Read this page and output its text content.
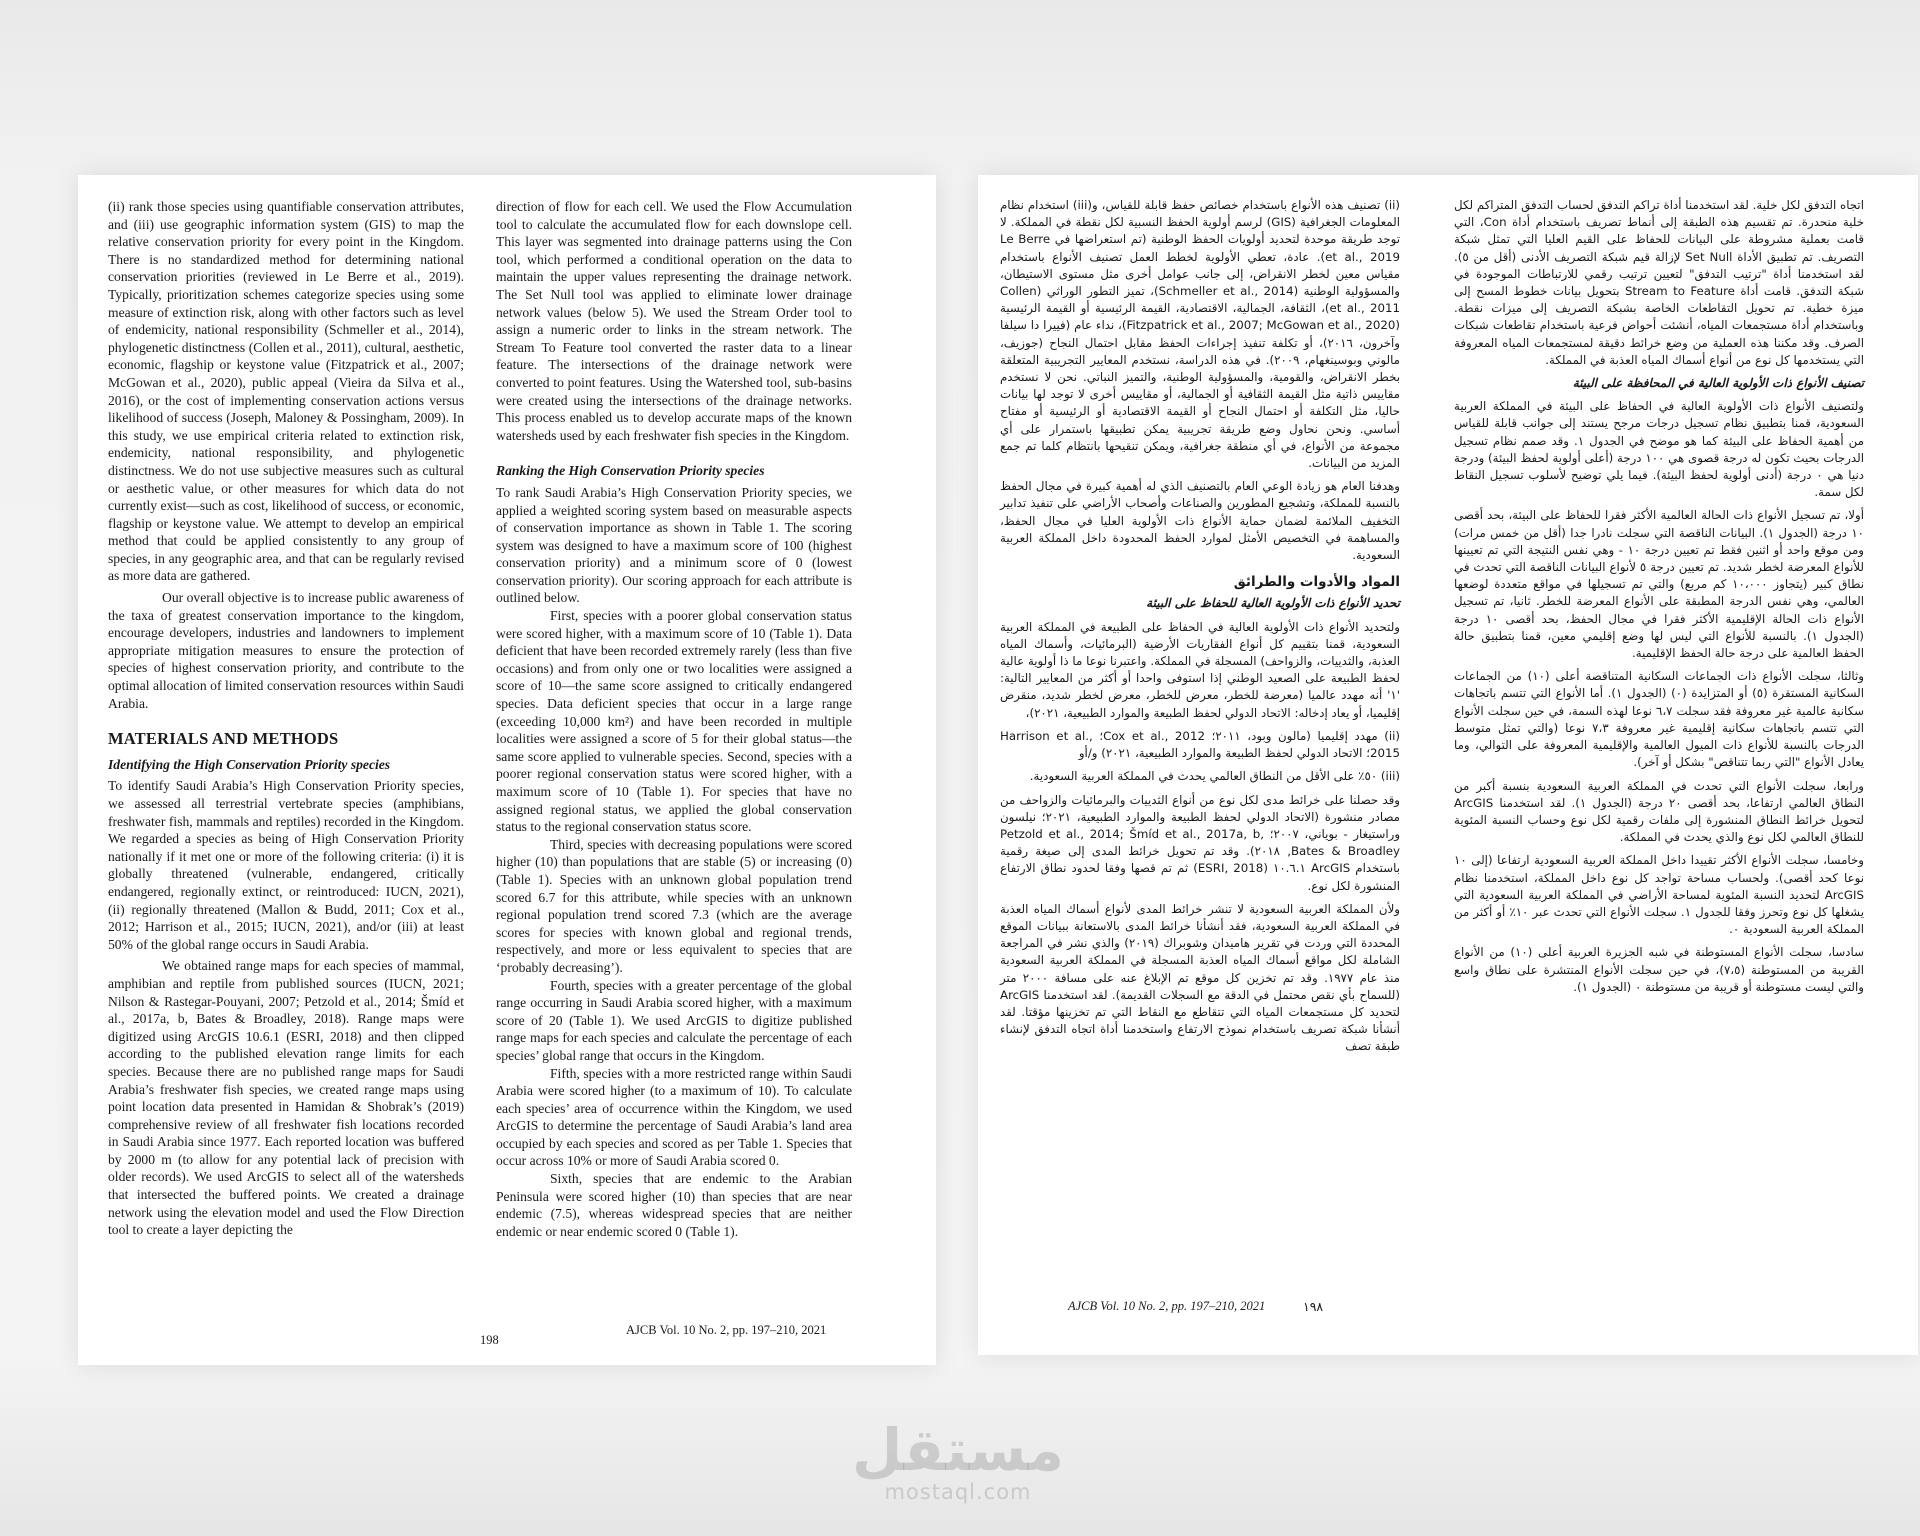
(ii) rank those species using quantifiable conservation attributes, and (iii) use geographic information system (GIS) to map the relative conservation priority for every point in the Kingdom. There is no standardized method for determining national conservation priorities (reviewed in Le Berre et al., 2019). Typically, prioritization schemes categorize species using some measure of extinction risk, along with other factors such as level of endemicity, national responsibility (Schmeller et al., 2014), phylogenetic distinctness (Collen et al., 2011), cultural, aesthetic, economic, flagship or keystone value (Fitzpatrick et al., 2007; McGowan et al., 2020), public appeal (Vieira da Silva et al., 2016), or the cost of implementing conservation actions versus likelihood of success (Joseph, Maloney & Possingham, 2009). In this study, we use empirical criteria related to extinction risk, endemicity, national responsibility, and phylogenetic distinctness. We do not use subjective measures such as cultural or aesthetic value, or other measures for which data do not currently exist—such as cost, likelihood of success, or economic, flagship or keystone value. We attempt to develop an empirical method that could be applied consistently to any group of species, in any geographic area, and that can be regularly revised as more data are gathered.

Our overall objective is to increase public awareness of the taxa of greatest conservation importance to the kingdom, encourage developers, industries and landowners to implement appropriate mitigation measures to ensure the protection of species of highest conservation priority, and contribute to the optimal allocation of limited conservation resources within Saudi Arabia.

MATERIALS AND METHODS
Identifying the High Conservation Priority species

To identify Saudi Arabia’s High Conservation Priority species, we assessed all terrestrial vertebrate species (amphibians, freshwater fish, mammals and reptiles) recorded in the Kingdom. We regarded a species as being of High Conservation Priority nationally if it met one or more of the following criteria: (i) it is globally threatened (vulnerable, endangered, critically endangered, regionally extinct, or reintroduced: IUCN, 2021), (ii) regionally threatened (Mallon & Budd, 2011; Cox et al., 2012; Harrison et al., 2015; IUCN, 2021), and/or (iii) at least 50% of the global range occurs in Saudi Arabia.

We obtained range maps for each species of mammal, amphibian and reptile from published sources (IUCN, 2021; Nilson & Rastegar-Pouyani, 2007; Petzold et al., 2014; Šmíd et al., 2017a, b, Bates & Broadley, 2018). Range maps were digitized using ArcGIS 10.6.1 (ESRI, 2018) and then clipped according to the published elevation range limits for each species. Because there are no published range maps for Saudi Arabia’s freshwater fish species, we created range maps using point location data presented in Hamidan & Shobrak’s (2019) comprehensive review of all freshwater fish locations recorded in Saudi Arabia since 1977. Each reported location was buffered by 2000 m (to allow for any potential lack of precision with older records). We used ArcGIS to select all of the watersheds that intersected the buffered points. We created a drainage network using the elevation model and used the Flow Direction tool to create a layer depicting the

direction of flow for each cell. We used the Flow Accumulation tool to calculate the accumulated flow for each downslope cell. This layer was segmented into drainage patterns using the Con tool, which performed a conditional operation on the data to maintain the upper values representing the drainage network. The Set Null tool was applied to eliminate lower drainage network values (below 5). We used the Stream Order tool to assign a numeric order to links in the stream network. The Stream To Feature tool converted the raster data to a linear feature. The intersections of the drainage network were converted to point features. Using the Watershed tool, sub-basins were created using the intersections of the drainage networks. This process enabled us to develop accurate maps of the known watersheds used by each freshwater fish species in the Kingdom.

Ranking the High Conservation Priority species

To rank Saudi Arabia’s High Conservation Priority species, we applied a weighted scoring system based on measurable aspects of conservation importance as shown in Table 1. The scoring system was designed to have a maximum score of 100 (highest conservation priority) and a minimum score of 0 (lowest conservation priority). Our scoring approach for each attribute is outlined below.

First, species with a poorer global conservation status were scored higher, with a maximum score of 10 (Table 1). Data deficient that have been recorded extremely rarely (less than five occasions) and from only one or two localities were assigned a score of 10—the same score assigned to critically endangered species. Data deficient species that occur in a large range (exceeding 10,000 km²) and have been recorded in multiple localities were assigned a score of 5 for their global status—the same score applied to vulnerable species. Second, species with a poorer regional conservation status were scored higher, with a maximum score of 10 (Table 1). For species that have no assigned regional status, we applied the global conservation status to the regional conservation status score.

Third, species with decreasing populations were scored higher (10) than populations that are stable (5) or increasing (0) (Table 1). Species with an unknown global population trend scored 6.7 for this attribute, while species with an unknown regional population trend scored 7.3 (which are the average scores for species with known global and regional trends, respectively, and more or less equivalent to species that are ‘probably decreasing’).

Fourth, species with a greater percentage of the global range occurring in Saudi Arabia scored higher, with a maximum score of 20 (Table 1). We used ArcGIS to digitize published range maps for each species and calculate the percentage of each species’ global range that occurs in the Kingdom.

Fifth, species with a more restricted range within Saudi Arabia were scored higher (to a maximum of 10). To calculate each species’ area of occurrence within the Kingdom, we used ArcGIS to determine the percentage of Saudi Arabia’s land area occupied by each species and scored as per Table 1. Species that occur across 10% or more of Saudi Arabia scored 0.

Sixth, species that are endemic to the Arabian Peninsula were scored higher (10) than species that are near endemic (7.5), whereas widespread species that are neither endemic or near endemic scored 0 (Table 1).

198
AJCB Vol. 10 No. 2, pp. 197–210, 2021

(ii) تصنيف هذه الأنواع باستخدام خصائص حفظ قابلة للقياس، و(iii) استخدام نظام المعلومات الجغرافية (GIS) لرسم أولوية الحفظ النسبية لكل نقطة في المملكة. لا توجد طريقة موحدة لتحديد أولويات الحفظ الوطنية (تم استعراضها في Le Berre et al., 2019). عادة، تعطي الأولوية لخطط العمل تصنيف الأنواع باستخدام مقياس معين لخطر الانقراض، إلى جانب عوامل أخرى مثل مستوى الاستيطان، والمسؤولية الوطنية (Schmeller et al., 2014)، تميز التطور الوراثي (Collen et al., 2011)، الثقافة، الجمالية، الاقتصادية، القيمة الرئيسية أو القيمة الرئيسية (Fitzpatrick et al., 2007; McGowan et al., 2020)، نداء عام (فييرا دا سيلفا وآخرون، ٢٠١٦)، أو تكلفة تنفيذ إجراءات الحفظ مقابل احتمال النجاح (جوزيف، مالوني وبوسينغهام، ٢٠٠٩). في هذه الدراسة، نستخدم المعايير التجريبية المتعلقة بخطر الانقراض، والقومية، والمسؤولية الوطنية، والتميز النباتي. نحن لا نستخدم مقاييس ذاتية مثل القيمة الثقافية أو الجمالية، أو مقاييس أخرى لا توجد لها بيانات حاليا، مثل التكلفة أو احتمال النجاح أو القيمة الاقتصادية أو الرئيسية أو مفتاح أساسي. ونحن نحاول وضع طريقة تجريبية يمكن تطبيقها باستمرار على أي مجموعة من الأنواع، في أي منطقة جغرافية، ويمكن تنقيحها بانتظام كلما تم جمع المزيد من البيانات.

وهدفنا العام هو زيادة الوعي العام بالتصنيف الذي له أهمية كبيرة في مجال الحفظ بالنسبة للمملكة، وتشجيع المطورين والصناعات وأصحاب الأراضي على تنفيذ تدابير التخفيف الملائمة لضمان حماية الأنواع ذات الأولوية العليا في مجال الحفظ، والمساهمة في التخصيص الأمثل لموارد الحفظ المحدودة داخل المملكة العربية السعودية.

المواد والأدوات والطرائق
تحديد الأنواع ذات الأولوية العالية للحفاظ على البيئة

ولتحديد الأنواع ذات الأولوية العالية في الحفاظ على الطبيعة في المملكة العربية السعودية، قمنا بتقييم كل أنواع الفقاريات الأرضية (البرمائيات، وأسماك المياه العذبة، والثدييات، والزواحف) المسجلة في المملكة. واعتبرنا نوعا ما ذا أولوية عالية لحفظ الطبيعة على الصعيد الوطني إذا استوفى واحدا أو أكثر من المعايير التالية: '١' أنه مهدد عالميا (معرضة للخطر، معرض للخطر، معرض لخطر شديد، منقرض إقليميا، أو يعاد إدخاله: الاتحاد الدولي لحفظ الطبيعة والموارد الطبيعية، ٢٠٢١)،

(ii) مهدد إقليميا (مالون وبود، ٢٠١١؛ Cox et al., 2012؛ Harrison et al., 2015؛ الاتحاد الدولي لحفظ الطبيعة والموارد الطبيعية، ٢٠٢١) و/أو

(iii) ٥٠٪ على الأقل من النطاق العالمي يحدث في المملكة العربية السعودية.

وقد حصلنا على خرائط مدى لكل نوع من أنواع الثدييات والبرمائيات والزواحف من مصادر منشورة (الاتحاد الدولي لحفظ الطبيعة والموارد الطبيعية، ٢٠٢١؛ نيلسون وراستيغار - بوياني، ٢٠٠٧؛ Petzold et al., 2014; Šmíd et al., 2017a, b, Bates & Broadley, ٢٠١٨). وقد تم تحويل خرائط المدى إلى صيغة رقمية باستخدام ArcGIS ١٠.٦.١ (ESRI, 2018) ثم تم قصها وفقا لحدود نطاق الارتفاع المنشورة لكل نوع.

ولأن المملكة العربية السعودية لا تنشر خرائط المدى لأنواع أسماك المياه العذبة في المملكة العربية السعودية، فقد أنشأنا خرائط المدى بالاستعانة ببيانات الموقع المحددة التي وردت في تقرير هاميدان وشوبراك (٢٠١٩) والذي نشر في المراجعة الشاملة لكل مواقع أسماك المياه العذبة المسجلة في المملكة العربية السعودية منذ عام ١٩٧٧. وقد تم تخزين كل موقع تم الإبلاغ عنه على مسافة ٢٠٠٠ متر (للسماح بأي نقص محتمل في الدقة مع السجلات القديمة). لقد استخدمنا ArcGIS لتحديد كل مستجمعات المياه التي تتقاطع مع النقاط التي تم تخزينها مؤقتا. لقد أنشأنا شبكة تصريف باستخدام نموذج الارتفاع واستخدمنا أداة اتجاه التدفق لإنشاء طبقة تصف

اتجاه التدفق لكل خلية. لقد استخدمنا أداة تراكم التدفق لحساب التدفق المتراكم لكل خلية منحدرة. تم تقسيم هذه الطبقة إلى أنماط تصريف باستخدام أداة Con، التي قامت بعملية مشروطة على البيانات للحفاظ على القيم العليا التي تمثل شبكة التصريف. تم تطبيق الأداة Set Null لإزالة قيم شبكة التصريف الأدنى (أقل من ٥). لقد استخدمنا أداة "ترتيب التدفق" لتعيين ترتيب رقمي للارتباطات الموجودة في شبكة التدفق. قامت أداة Stream to Feature بتحويل بيانات خطوط المسح إلى ميزة خطية. تم تحويل التقاطعات الخاصة بشبكة التصريف إلى ميزات نقطة. وباستخدام أداة مستجمعات المياه، أنشئت أحواض فرعية باستخدام تقاطعات شبكات الصرف. وقد مكننا هذه العملية من وضع خرائط دقيقة لمستجمعات المياه المعروفة التي يستخدمها كل نوع من أنواع أسماك المياه العذبة في المملكة.

تصنيف الأنواع ذات الأولوية العالية في المحافظة على البيئة

ولتصنيف الأنواع ذات الأولوية العالية في الحفاظ على البيئة في المملكة العربية السعودية، قمنا بتطبيق نظام تسجيل درجات مرجح يستند إلى جوانب قابلة للقياس من أهمية الحفاظ على البيئة كما هو موضح في الجدول ١. وقد صمم نظام تسجيل الدرجات بحيث تكون له درجة قصوى هي ١٠٠ درجة (أعلى أولوية لحفظ البيئة) ودرجة دنيا هي ٠ درجة (أدنى أولوية لحفظ البيئة). فيما يلي توضيح لأسلوب تسجيل النقاط لكل سمة.

أولا، تم تسجيل الأنواع ذات الحالة العالمية الأكثر فقرا للحفاظ على البيئة، بحد أقصى ١٠ درجة (الجدول ١). البيانات الناقصة التي سجلت نادرا جدا (أقل من خمس مرات) ومن موقع واحد أو اثنين فقط تم تعيين درجة ١٠ - وهي نفس النتيجة التي تم تعيينها للأنواع المعرضة لخطر شديد. تم تعيين درجة ٥ لأنواع البيانات الناقصة التي تحدث في نطاق كبير (يتجاوز ١٠،٠٠٠ كم مربع) والتي تم تسجيلها في مواقع متعددة لوضعها العالمي، وهي نفس الدرجة المطبقة على الأنواع المعرضة للخطر. ثانيا، تم تسجيل الأنواع ذات الحالة الإقليمية الأكثر فقرا في مجال الحفظ، بحد أقصى ١٠ درجة (الجدول ١). بالنسبة للأنواع التي ليس لها وضع إقليمي معين، قمنا بتطبيق حالة الحفظ العالمية على درجة حالة الحفظ الإقليمية.

وثالثا، سجلت الأنواع ذات الجماعات السكانية المتناقصة أعلى (١٠) من الجماعات السكانية المستقرة (٥) أو المتزايدة (٠) (الجدول ١). أما الأنواع التي تتسم باتجاهات سكانية عالمية غير معروفة فقد سجلت ٦،٧ نوعا لهذه السمة، في حين سجلت الأنواع التي تتسم باتجاهات سكانية إقليمية غير معروفة ٧،٣ نوعا (والتي تمثل متوسط الدرجات بالنسبة للأنواع ذات الميول العالمية والإقليمية المعروفة على التوالي، وما يعادل الأنواع "التي ربما تتناقص" بشكل أو آخر).

ورابعا، سجلت الأنواع التي تحدث في المملكة العربية السعودية بنسبة أكبر من النطاق العالمي ارتفاعا، بحد أقصى ٢٠ درجة (الجدول ١). لقد استخدمنا ArcGIS لتحويل خرائط النطاق المنشورة إلى ملفات رقمية لكل نوع وحساب النسبة المئوية للنطاق العالمي لكل نوع والذي يحدث في المملكة.

وخامسا، سجلت الأنواع الأكثر تقييدا داخل المملكة العربية السعودية ارتفاعا (إلى ١٠ نوعا كحد أقصى). ولحساب مساحة تواجد كل نوع داخل المملكة، استخدمنا نظام ArcGIS لتحديد النسبة المئوية لمساحة الأراضي في المملكة العربية السعودية التي يشغلها كل نوع وتحرز وفقا للجدول ١. سجلت الأنواع التي تحدث عبر ١٠٪ أو أكثر من المملكة العربية السعودية ٠.

سادسا، سجلت الأنواع المستوطنة في شبه الجزيرة العربية أعلى (١٠) من الأنواع القريبة من المستوطنة (٧،٥)، في حين سجلت الأنواع المنتشرة على نطاق واسع والتي ليست مستوطنة أو قريبة من مستوطنة ٠ (الجدول ١).

AJCB Vol. 10 No. 2, pp. 197–210, 2021	١٩٨
مستقل
mostaql.com
